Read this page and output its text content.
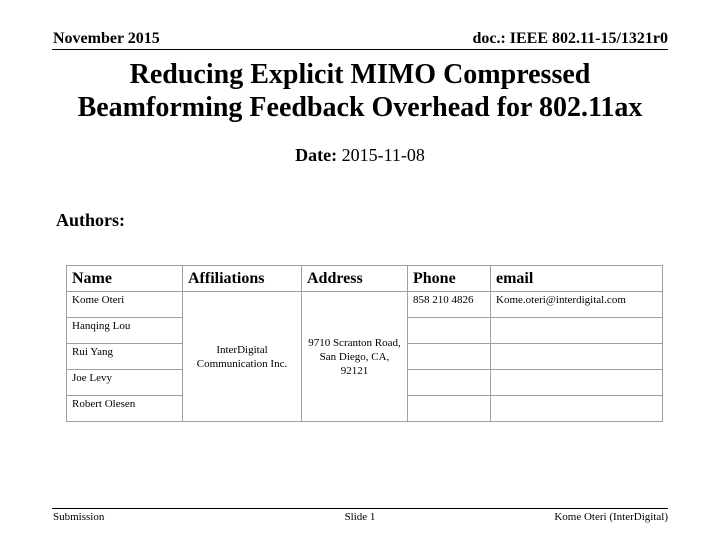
November 2015	doc.: IEEE 802.11-15/1321r0
Reducing Explicit MIMO Compressed
Beamforming Feedback Overhead for 802.11ax
Date: 2015-11-08
Authors:
Name	Affiliations	Address	Phone	email
Kome Oteri	InterDigital Communication Inc.	9710 Scranton Road, San Diego, CA, 92121	858 210 4826	Kome.oteri@interdigital.com
Hanqing Lou				
Rui Yang				
Joe Levy				
Robert Olesen				
Submission	Slide 1	Kome Oteri (InterDigital)
